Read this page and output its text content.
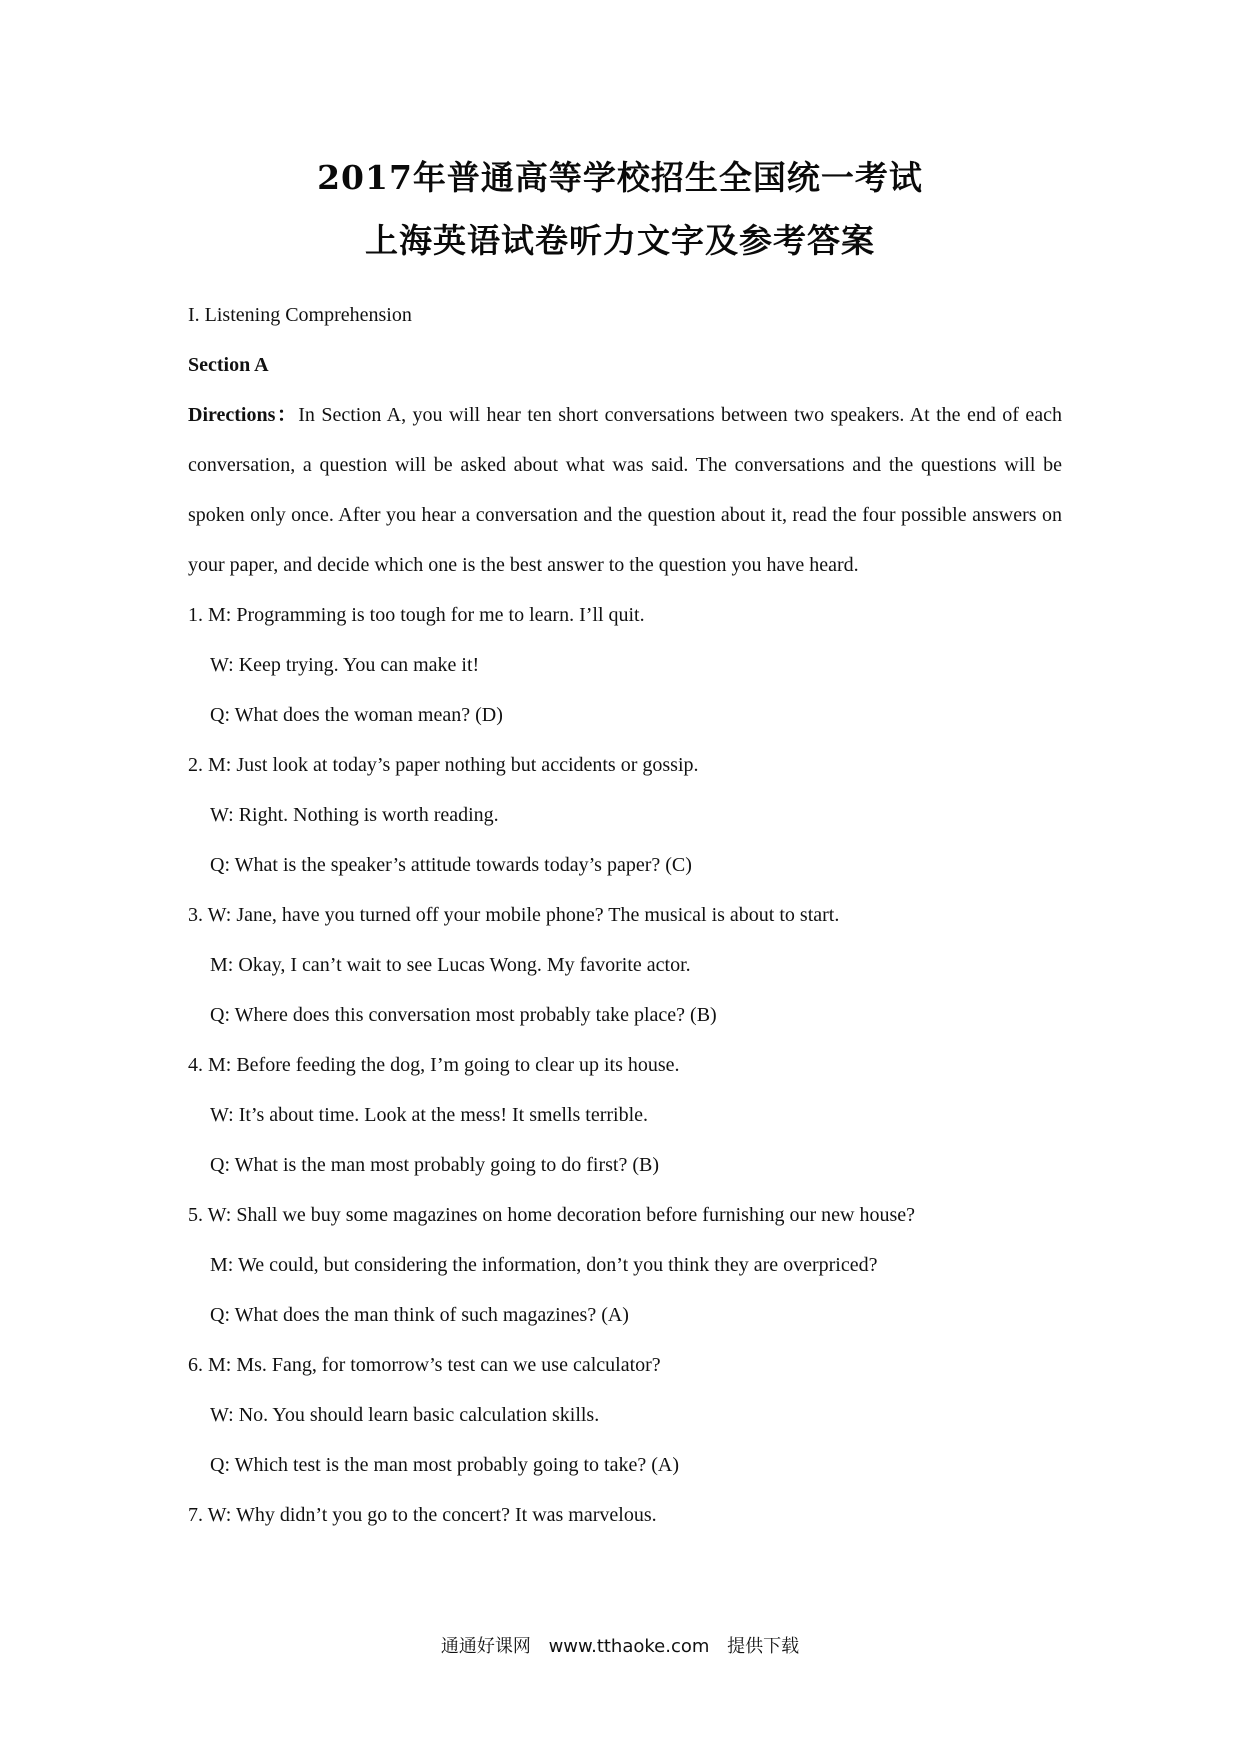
2017年普通高等学校招生全国统一考试
上海英语试卷听力文字及参考答案
I. Listening Comprehension
Section A
Directions：In Section A, you will hear ten short conversations between two speakers. At the end of each conversation, a question will be asked about what was said. The conversations and the questions will be spoken only once. After you hear a conversation and the question about it, read the four possible answers on your paper, and decide which one is the best answer to the question you have heard.
1. M: Programming is too tough for me to learn. I’ll quit.
W: Keep trying. You can make it!
Q: What does the woman mean? (D)
2. M: Just look at today’s paper nothing but accidents or gossip.
W: Right. Nothing is worth reading.
Q: What is the speaker’s attitude towards today’s paper? (C)
3. W: Jane, have you turned off your mobile phone? The musical is about to start.
M: Okay, I can’t wait to see Lucas Wong. My favorite actor.
Q: Where does this conversation most probably take place? (B)
4. M: Before feeding the dog, I’m going to clear up its house.
W: It’s about time. Look at the mess! It smells terrible.
Q: What is the man most probably going to do first? (B)
5. W: Shall we buy some magazines on home decoration before furnishing our new house?
M: We could, but considering the information, don’t you think they are overpriced?
Q: What does the man think of such magazines? (A)
6. M: Ms. Fang, for tomorrow’s test can we use calculator?
W: No. You should learn basic calculation skills.
Q: Which test is the man most probably going to take? (A)
7. W: Why didn’t you go to the concert? It was marvelous.
通通好课网 www.tthaoke.com 提供下载
